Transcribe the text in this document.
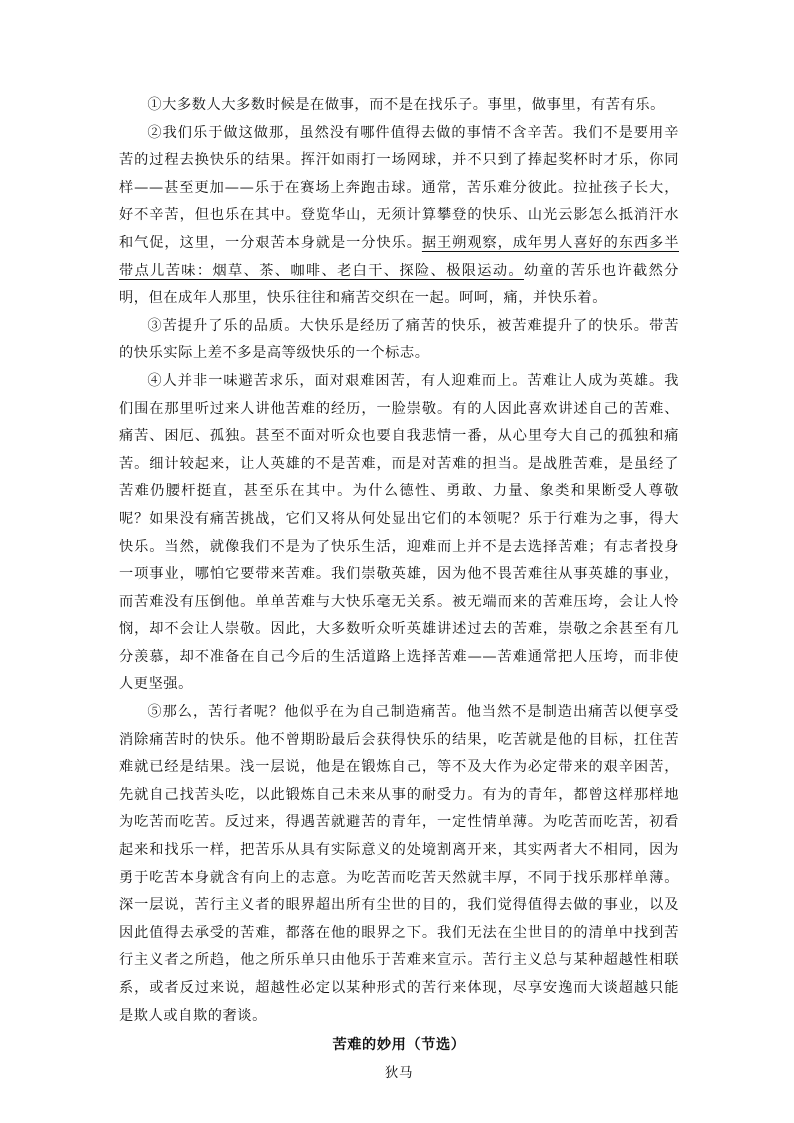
①大多数人大多数时候是在做事，而不是在找乐子。事里，做事里，有苦有乐。

②我们乐于做这做那，虽然没有哪件值得去做的事情不含辛苦。我们不是要用辛苦的过程去换快乐的结果。挥汗如雨打一场网球，并不只到了捧起奖杯时才乐，你同样——甚至更加——乐于在赛场上奔跑击球。通常，苦乐难分彼此。拉扯孩子长大，好不辛苦，但也乐在其中。登览华山，无须计算攀登的快乐、山光云影怎么抵消汗水和气促，这里，一分艰苦本身就是一分快乐。据王朔观察，成年男人喜好的东西多半带点儿苦味：烟草、茶、咖啡、老白干、探险、极限运动。幼童的苦乐也许截然分明，但在成年人那里，快乐往往和痛苦交织在一起。呵呵，痛，并快乐着。

③苦提升了乐的品质。大快乐是经历了痛苦的快乐，被苦难提升了的快乐。带苦的快乐实际上差不多是高等级快乐的一个标志。

④人并非一味避苦求乐，面对艰难困苦，有人迎难而上。苦难让人成为英雄。我们围在那里听过来人讲他苦难的经历，一脸崇敬。有的人因此喜欢讲述自己的苦难、痛苦、困厄、孤独。甚至不面对听众也要自我悲情一番，从心里夸大自己的孤独和痛苦。细计较起来，让人英雄的不是苦难，而是对苦难的担当。是战胜苦难，是虽经了苦难仍腰杆挺直，甚至乐在其中。为什么德性、勇敢、力量、象类和果断受人尊敬呢？如果没有痛苦挑战，它们又将从何处显出它们的本领呢？乐于行难为之事，得大快乐。当然，就像我们不是为了快乐生活，迎难而上并不是去选择苦难；有志者投身一项事业，哪怕它要带来苦难。我们崇敬英雄，因为他不畏苦难往从事英雄的事业，而苦难没有压倒他。单单苦难与大快乐毫无关系。被无端而来的苦难压垮，会让人怜悯，却不会让人崇敬。因此，大多数听众听英雄讲述过去的苦难，崇敬之余甚至有几分羡慕，却不准备在自己今后的生活道路上选择苦难——苦难通常把人压垮，而非使人更坚强。

⑤那么，苦行者呢？他似乎在为自己制造痛苦。他当然不是制造出痛苦以便享受消除痛苦时的快乐。他不曾期盼最后会获得快乐的结果，吃苦就是他的目标，扛住苦难就已经是结果。浅一层说，他是在锻炼自己，等不及大作为必定带来的艰辛困苦，先就自己找苦头吃，以此锻炼自己未来从事的耐受力。有为的青年，都曾这样那样地为吃苦而吃苦。反过来，得遇苦就避苦的青年，一定性情单薄。为吃苦而吃苦，初看起来和找乐一样，把苦乐从具有实际意义的处境割离开来，其实两者大不相同，因为勇于吃苦本身就含有向上的志意。为吃苦而吃苦天然就丰厚，不同于找乐那样单薄。深一层说，苦行主义者的眼界超出所有尘世的目的，我们觉得值得去做的事业，以及因此值得去承受的苦难，都落在他的眼界之下。我们无法在尘世目的的清单中找到苦行主义者之所趋，他之所乐单只由他乐于苦难来宣示。苦行主义总与某种超越性相联系，或者反过来说，超越性必定以某种形式的苦行来体现，尽享安逸而大谈超越只能是欺人或自欺的奢谈。

苦难的妙用（节选）

狄马
